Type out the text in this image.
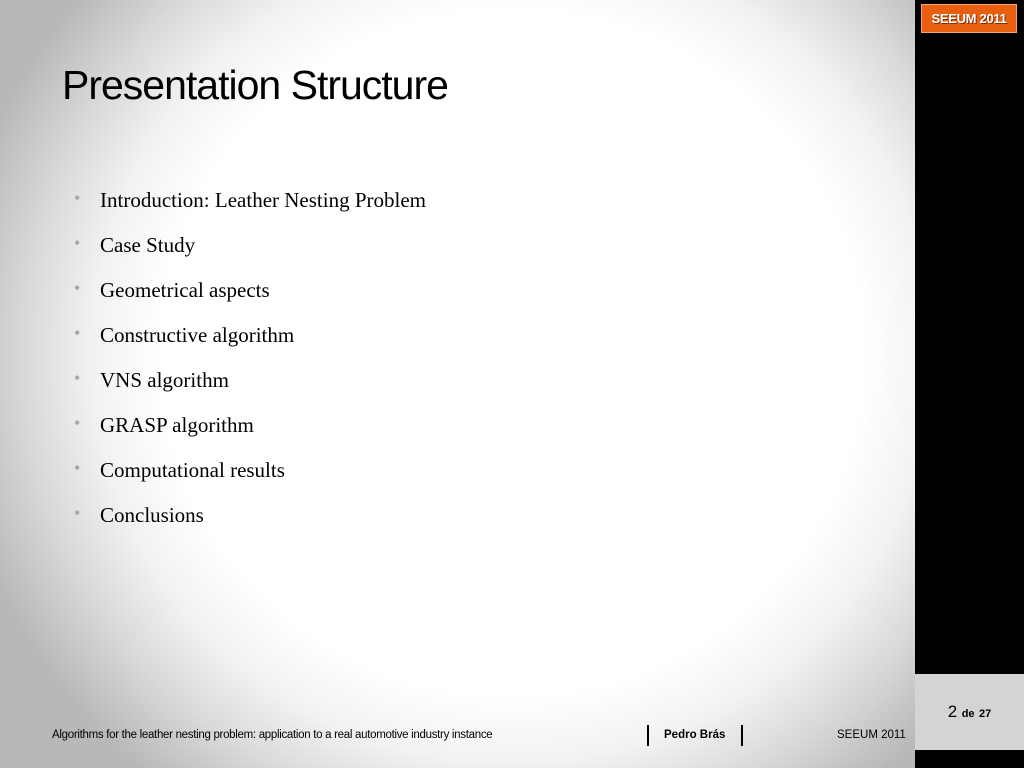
SEEUM 2011
Presentation Structure
• Introduction: Leather Nesting Problem
• Case Study
• Geometrical aspects
• Constructive algorithm
• VNS algorithm
• GRASP algorithm
• Computational results
• Conclusions
2 de 27
Algorithms for the leather nesting problem: application to a real automotive industry instance	Pedro Brás	SEEUM 2011
